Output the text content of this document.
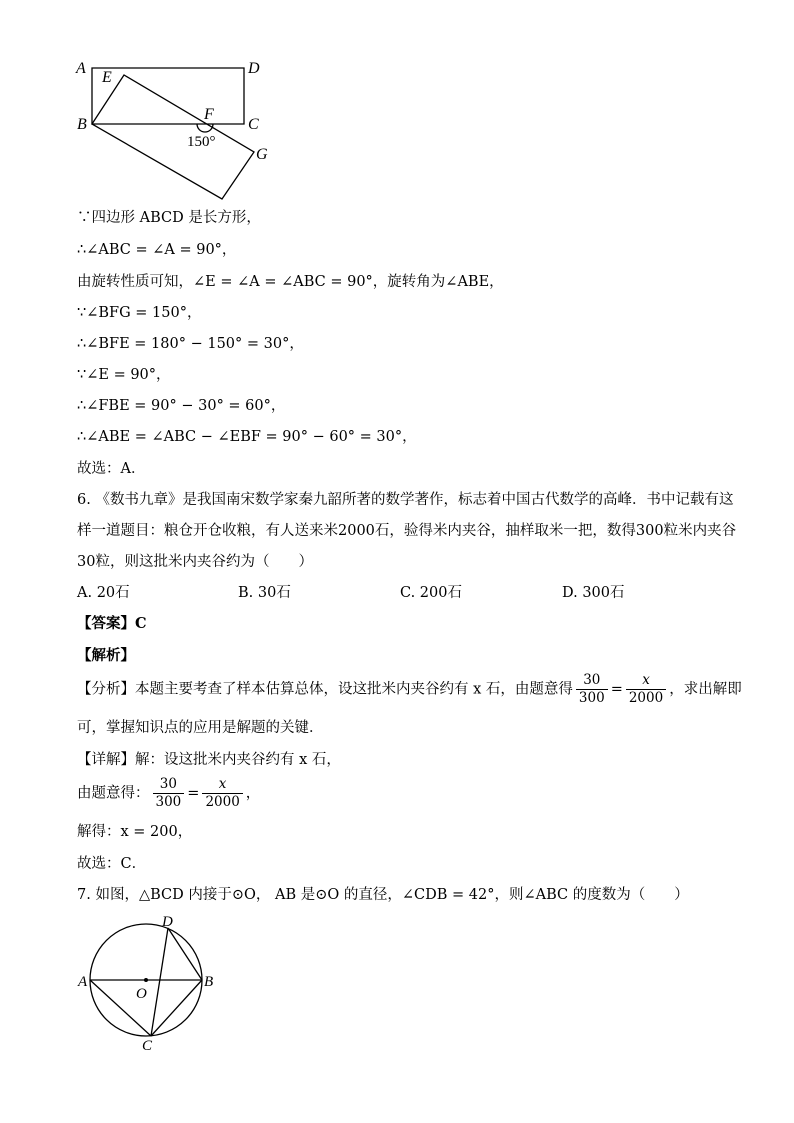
A	D
E
F
B	C
G
150°
∵四边形 ABCD 是长方形，
∴∠ABC = ∠A = 90°，
由旋转性质可知，∠E = ∠A = ∠ABC = 90°，旋转角为∠ABE，
∵∠BFG = 150°，
∴∠BFE = 180° − 150° = 30°，
∵∠E = 90°，
∴∠FBE = 90° − 30° = 60°，
∴∠ABE = ∠ABC − ∠EBF = 90° − 60° = 30°，
故选：A．
6. 《数书九章》是我国南宋数学家秦九韶所著的数学著作，标志着中国古代数学的高峰．书中记载有这
样一道题目：粮仓开仓收粮，有人送来米2000石，验得米内夹谷，抽样取米一把，数得300粒米内夹谷
30粒，则这批米内夹谷约为（　　）
A. 20石	B. 30石	C. 200石	D. 300石
【答案】C
【解析】
【分析】本题主要考查了样本估算总体，设这批米内夹谷约有 x 石，由题意得 $\frac{30}{300} = \frac{x}{2000}$ ，求出解即
可，掌握知识点的应用是解题的关键．
【详解】解：设这批米内夹谷约有 x 石，
由题意得： $\frac{30}{300} = \frac{x}{2000}$ ，
解得：x = 200，
故选：C．
7. 如图，△BCD 内接于⊙O， AB 是⊙O 的直径，∠CDB = 42°，则∠ABC 的度数为（　　）
A	B
C
D
O
